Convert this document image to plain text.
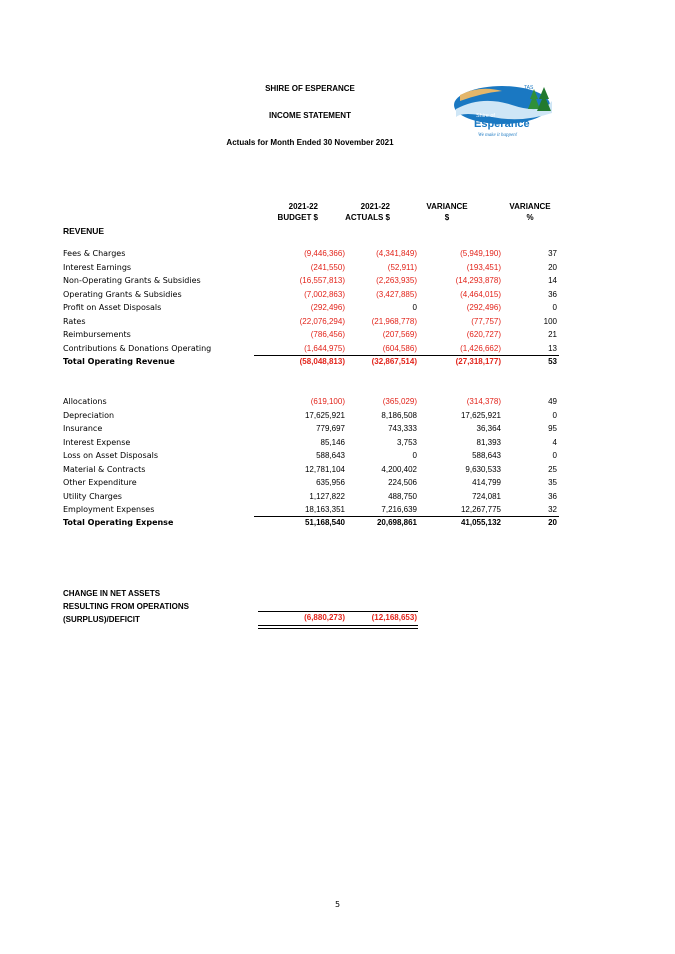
SHIRE OF ESPERANCE
INCOME STATEMENT
Actuals for Month Ended 30 November 2021
TAS
Shire of
Esperance
We make it happen!
2021-22
BUDGET $
2021-22
ACTUALS $
VARIANCE
$
VARIANCE
%
REVENUE
Fees & Charges	(9,446,366)	(4,341,849)	(5,949,190)	37
Interest Earnings	(241,550)	(52,911)	(193,451)	20
Non-Operating Grants & Subsidies	(16,557,813)	(2,263,935)	(14,293,878)	14
Operating Grants & Subsidies	(7,002,863)	(3,427,885)	(4,464,015)	36
Profit on Asset Disposals	(292,496)	0	(292,496)	0
Rates	(22,076,294)	(21,968,778)	(77,757)	100
Reimbursements	(786,456)	(207,569)	(620,727)	21
Contributions & Donations Operating	(1,644,975)	(604,586)	(1,426,662)	13
Total Operating Revenue	(58,048,813)	(32,867,514)	(27,318,177)	53
Allocations	(619,100)	(365,029)	(314,378)	49
Depreciation	17,625,921	8,186,508	17,625,921	0
Insurance	779,697	743,333	36,364	95
Interest Expense	85,146	3,753	81,393	4
Loss on Asset Disposals	588,643	0	588,643	0
Material & Contracts	12,781,104	4,200,402	9,630,533	25
Other Expenditure	635,956	224,506	414,799	35
Utility Charges	1,127,822	488,750	724,081	36
Employment Expenses	18,163,351	7,216,639	12,267,775	32
Total Operating Expense	51,168,540	20,698,861	41,055,132	20
CHANGE IN NET ASSETS
RESULTING FROM OPERATIONS
(SURPLUS)/DEFICIT	(6,880,273)	(12,168,653)
5
